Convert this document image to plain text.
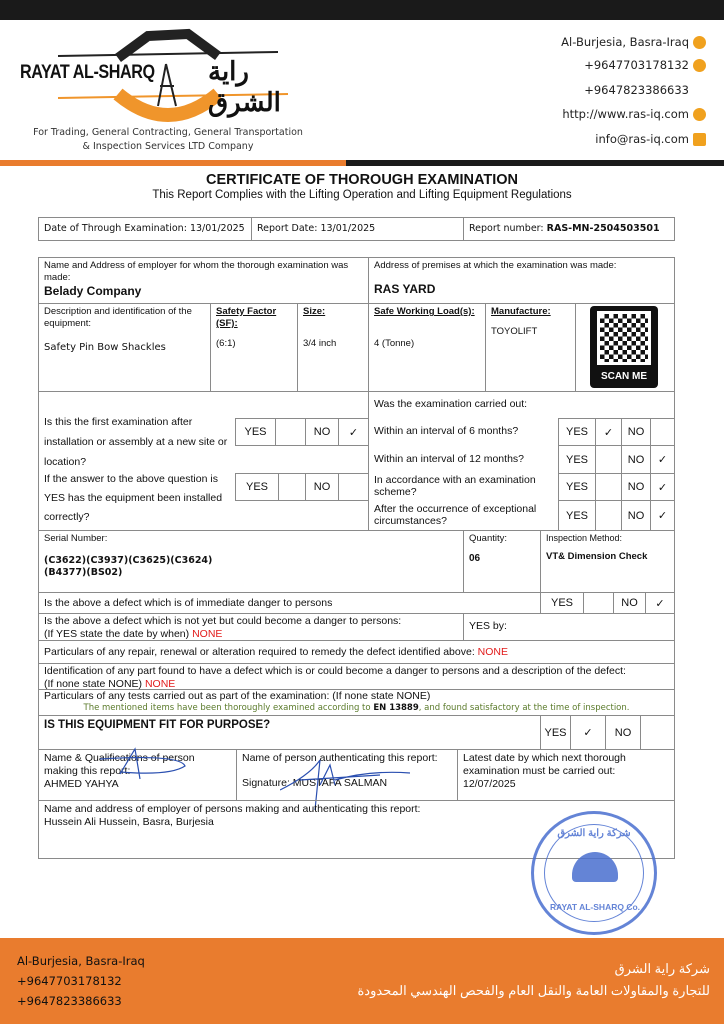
RAYAT AL-SHARQ راية الشرق
For Trading, General Contracting, General Transportation
& Inspection Services LTD Company
Al-Burjesia, Basra-Iraq
+9647703178132
+9647823386633
http://www.ras-iq.com
info@ras-iq.com
CERTIFICATE OF THOROUGH EXAMINATION
This Report Complies with the Lifting Operation and Lifting Equipment Regulations
Date of Through Examination: 13/01/2025	Report Date: 13/01/2025	Report number: RAS-MN-2504503501
Name and Address of employer for whom the thorough examination was made:
Belady Company
Address of premises at which the examination was made:
RAS YARD
Description and identification of the equipment:
Safety Pin Bow Shackles
Safety Factor (SF):
(6:1)
Size:
3/4 inch
Safe Working Load(s):
4 (Tonne)
Manufacture:
TOYOLIFT
SCAN ME
Is this the first examination after installation or assembly at a new site or location?
YES	NO	✓
If the answer to the above question is YES has the equipment been installed correctly?
YES	NO
Was the examination carried out:
Within an interval of 6 months?	YES	✓	NO
Within an interval of 12 months?	YES	NO	✓
In accordance with an examination scheme?	YES	NO	✓
After the occurrence of exceptional circumstances?	YES	NO	✓
Serial Number:
(C3622)(C3937)(C3625)(C3624)
(B4377)(BS02)
Quantity:
06
Inspection Method:
VT& Dimension Check
Is the above a defect which is of immediate danger to persons	YES	NO	✓
Is the above a defect which is not yet but could become a danger to persons:
(If YES state the date by when) NONE
YES by:
Particulars of any repair, renewal or alteration required to remedy the defect identified above: NONE
Identification of any part found to have a defect which is or could become a danger to persons and a description of the defect:
(If none state NONE) NONE
Particulars of any tests carried out as part of the examination: (If none state NONE)
The mentioned items have been thoroughly examined according to EN 13889, and found satisfactory at the time of inspection.
IS THIS EQUIPMENT FIT FOR PURPOSE?
YES	✓	NO
Name & Qualifications of person making this report:
AHMED YAHYA
Name of person authenticating this report:
Signature: MUSTAFA SALMAN
Latest date by which next thorough examination must be carried out:
12/07/2025
Name and address of employer of persons making and authenticating this report:
Hussein Ali Hussein, Basra, Burjesia
شركة راية الشرق
RAYAT AL-SHARQ Co.
Al-Burjesia, Basra-Iraq
+9647703178132
+9647823386633
شركة راية الشرق
للتجارة والمقاولات العامة والنقل العام والفحص الهندسي المحدودة
